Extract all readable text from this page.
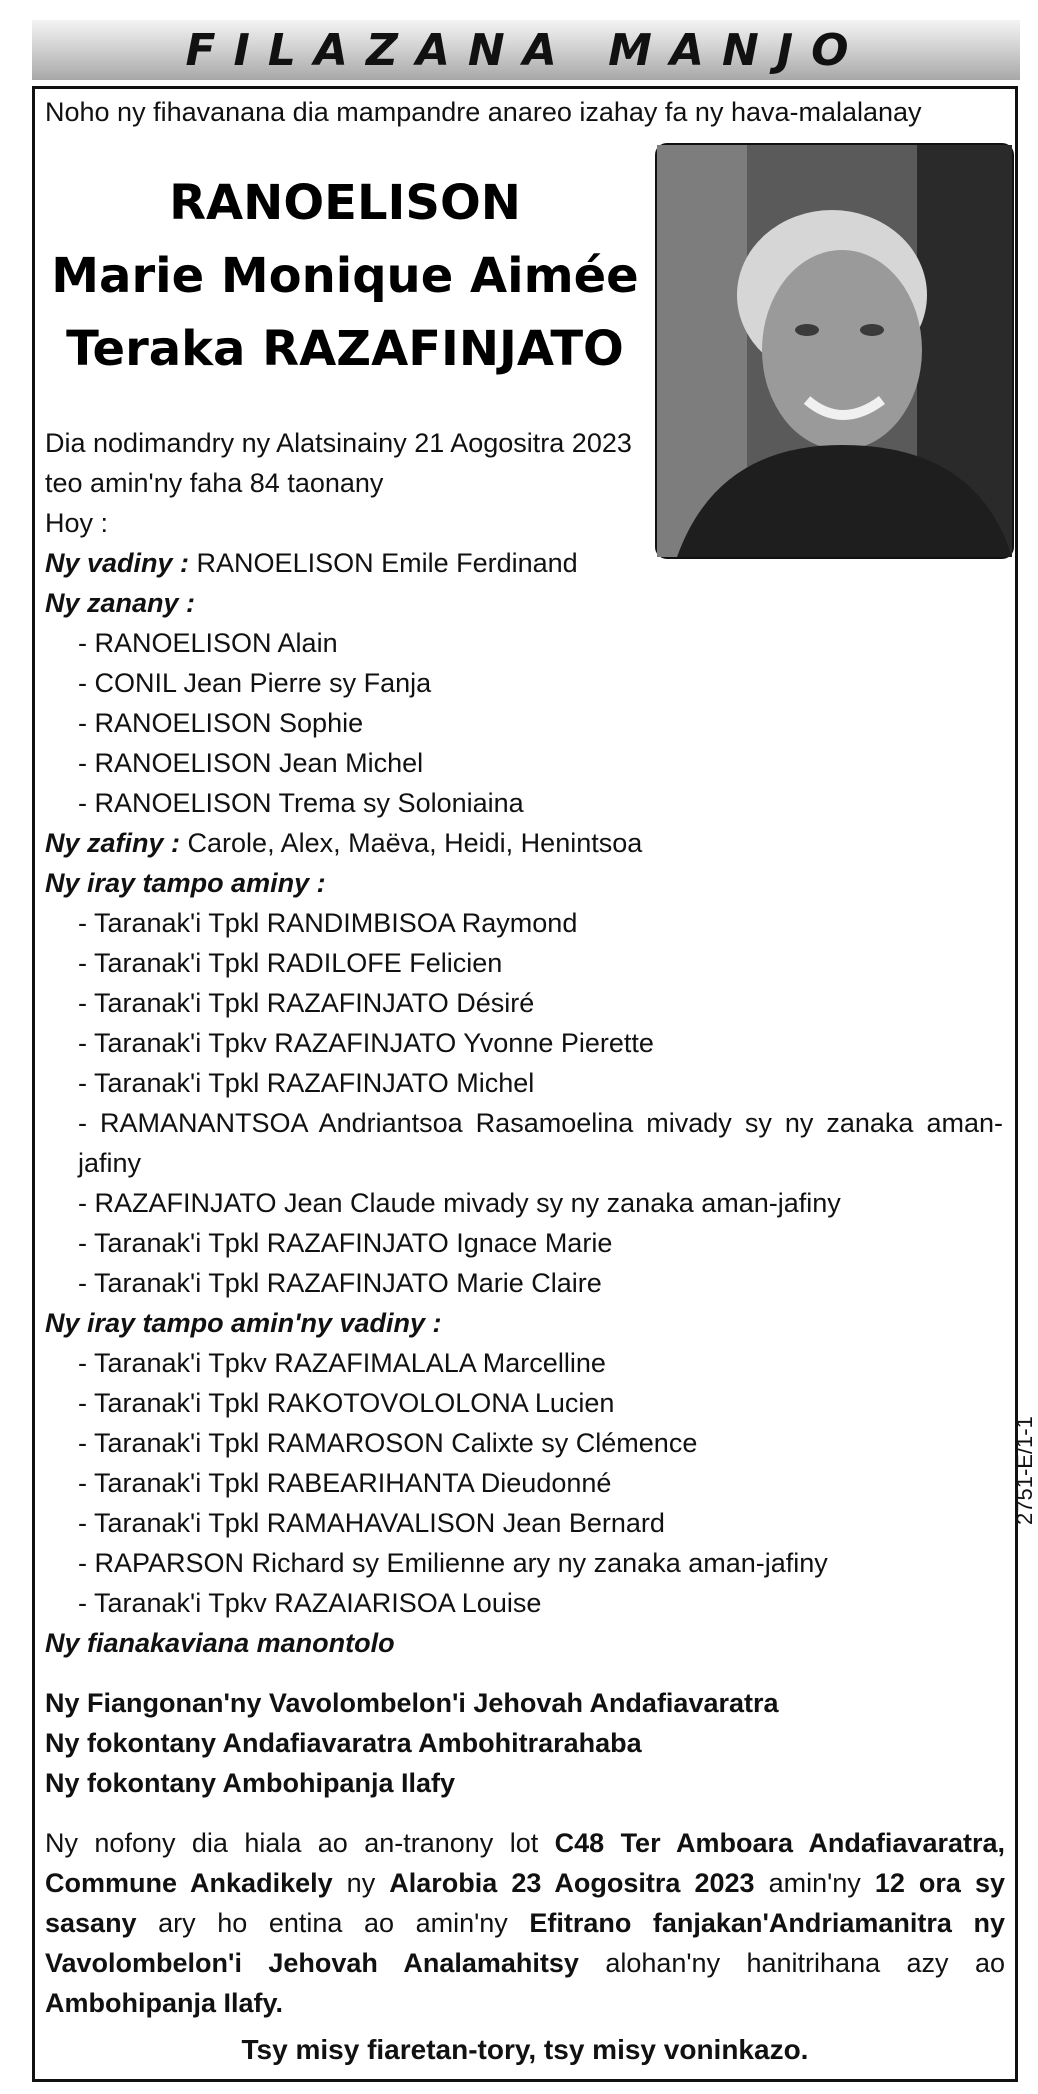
FILAZANA MANJO
Noho ny fihavanana dia mampandre anareo izahay fa ny hava-malalanay
RANOELISON
Marie Monique Aimée
Teraka RAZAFINJATO
Dia nodimandry ny Alatsinainy 21 Aogositra 2023
teo amin'ny faha 84 taonany
Hoy :
Ny vadiny : RANOELISON Emile Ferdinand
Ny zanany :
- RANOELISON Alain
- CONIL Jean Pierre sy Fanja
- RANOELISON Sophie
- RANOELISON Jean Michel
- RANOELISON Trema sy Soloniaina
Ny zafiny : Carole, Alex, Maëva, Heidi, Henintsoa
Ny iray tampo aminy :
- Taranak'i Tpkl RANDIMBISOA Raymond
- Taranak'i Tpkl RADILOFE Felicien
- Taranak'i Tpkl RAZAFINJATO Désiré
- Taranak'i Tpkv RAZAFINJATO Yvonne Pierette
- Taranak'i Tpkl RAZAFINJATO Michel
- RAMANANTSOA Andriantsoa Rasamoelina mivady sy ny zanaka aman-
jafiny
- RAZAFINJATO Jean Claude mivady sy ny zanaka aman-jafiny
- Taranak'i Tpkl RAZAFINJATO Ignace Marie
- Taranak'i Tpkl RAZAFINJATO Marie Claire
Ny iray tampo amin'ny vadiny :
- Taranak'i Tpkv RAZAFIMALALA Marcelline
- Taranak'i Tpkl RAKOTOVOLOLONA Lucien
- Taranak'i Tpkl RAMAROSON Calixte sy Clémence
- Taranak'i Tpkl RABEARIHANTA Dieudonné
- Taranak'i Tpkl RAMAHAVALISON Jean Bernard
- RAPARSON Richard sy Emilienne ary ny zanaka aman-jafiny
- Taranak'i Tpkv RAZAIARISOA Louise
Ny fianakaviana manontolo
Ny Fiangonan'ny Vavolombelon'i Jehovah Andafiavaratra
Ny fokontany Andafiavaratra Ambohitrarahaba
Ny fokontany Ambohipanja Ilafy
Ny nofony dia hiala ao an-tranony lot C48 Ter Amboara Andafiavaratra, Commune Ankadikely ny Alarobia 23 Aogositra 2023 amin'ny 12 ora sy sasany ary ho entina ao amin'ny Efitrano fanjakan'Andriamanitra ny Vavolombelon'i Jehovah Analamahitsy alohan'ny hanitrihana azy ao Ambohipanja Ilafy.
Tsy misy fiaretan-tory, tsy misy voninkazo.
2751-E/1-1
